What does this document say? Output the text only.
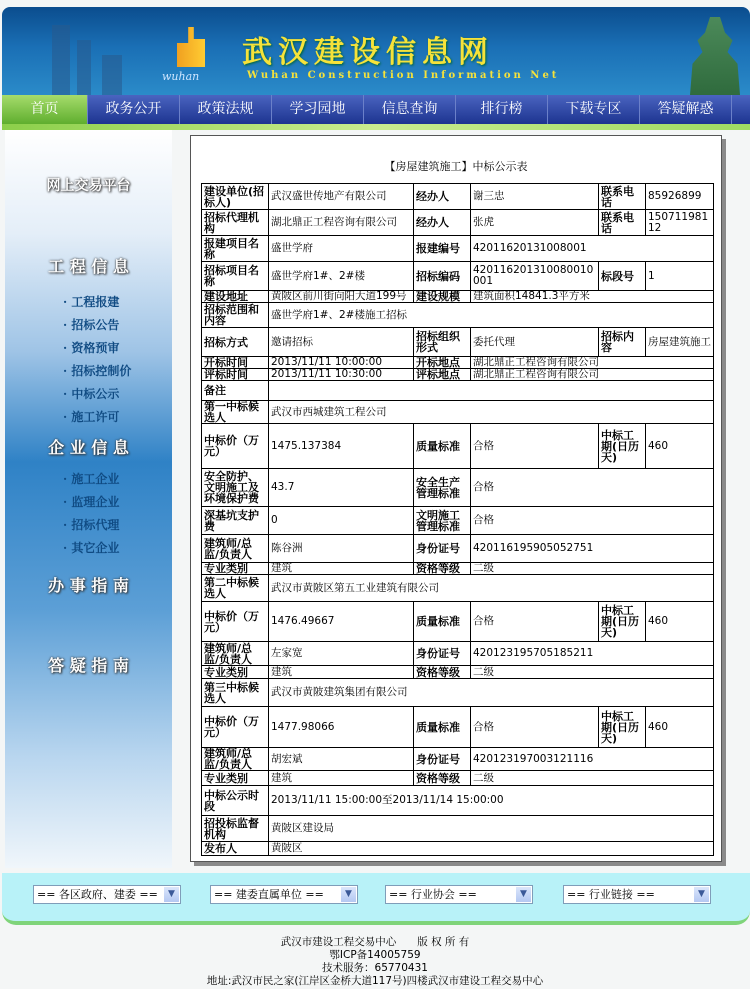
wuhan
武汉建设信息网
Wuhan Construction Information Net
首页	政务公开	政策法规	学习园地	信息查询	排行榜	下载专区	答疑解惑
网上交易平台
工 程 信 息
企 业 信 息
办 事 指 南
答 疑 指 南
· 工程报建
· 招标公告
· 资格预审
· 招标控制价
· 中标公示
· 施工许可
· 施工企业
· 监理企业
· 招标代理
· 其它企业
【房屋建筑施工】中标公示表
建设单位(招标人)	武汉盛世传地产有限公司	经办人	谢三忠	联系电话	85926899
招标代理机构	湖北鼎正工程咨询有限公司	经办人	张虎	联系电话	15071198112
报建项目名称	盛世学府	报建编号	42011620131008001		
招标项目名称	盛世学府1#、2#楼	招标编码	420116201310080010001	标段号	1
建设地址	黄陂区前川街向阳大道199号	建设规模	建筑面积14841.3平方米		
招标范围和内容	盛世学府1#、2#楼施工招标				
招标方式	邀请招标	招标组织形式	委托代理	招标内容	房屋建筑施工
开标时间	2013/11/11 10:00:00	开标地点	湖北鼎正工程咨询有限公司		
评标时间	2013/11/11 10:30:00	评标地点	湖北鼎正工程咨询有限公司		
备注					
第一中标候选人	武汉市西城建筑工程公司				
中标价（万元）	1475.137384	质量标准	合格	中标工期(日历天)	460
安全防护、文明施工及环境保护费	43.7	安全生产管理标准	合格		
深基坑支护费	0	文明施工管理标准	合格		
建筑师/总监/负责人	陈谷洲	身份证号	420116195905052751		
专业类别	建筑	资格等级	二级		
第二中标候选人	武汉市黄陂区第五工业建筑有限公司				
中标价（万元）	1476.49667	质量标准	合格	中标工期(日历天)	460
建筑师/总监/负责人	左家宽	身份证号	420123195705185211		
专业类别	建筑	资格等级	二级		
第三中标候选人	武汉市黄陂建筑集团有限公司				
中标价（万元）	1477.98066	质量标准	合格	中标工期(日历天)	460
建筑师/总监/负责人	胡宏斌	身份证号	420123197003121116		
专业类别	建筑	资格等级	二级		
中标公示时段	2013/11/11 15:00:00至2013/11/14 15:00:00				
招投标监督机构	黄陂区建设局				
发布人	黄陂区				
== 各区政府、建委 ==	▼	== 建委直属单位 ==	▼	== 行业协会 ==	▼	== 行业链接 ==	▼
武汉市建设工程交易中心　　版 权 所 有
鄂ICP备14005759
技术服务：65770431
地址:武汉市民之家(江岸区金桥大道117号)四楼武汉市建设工程交易中心
